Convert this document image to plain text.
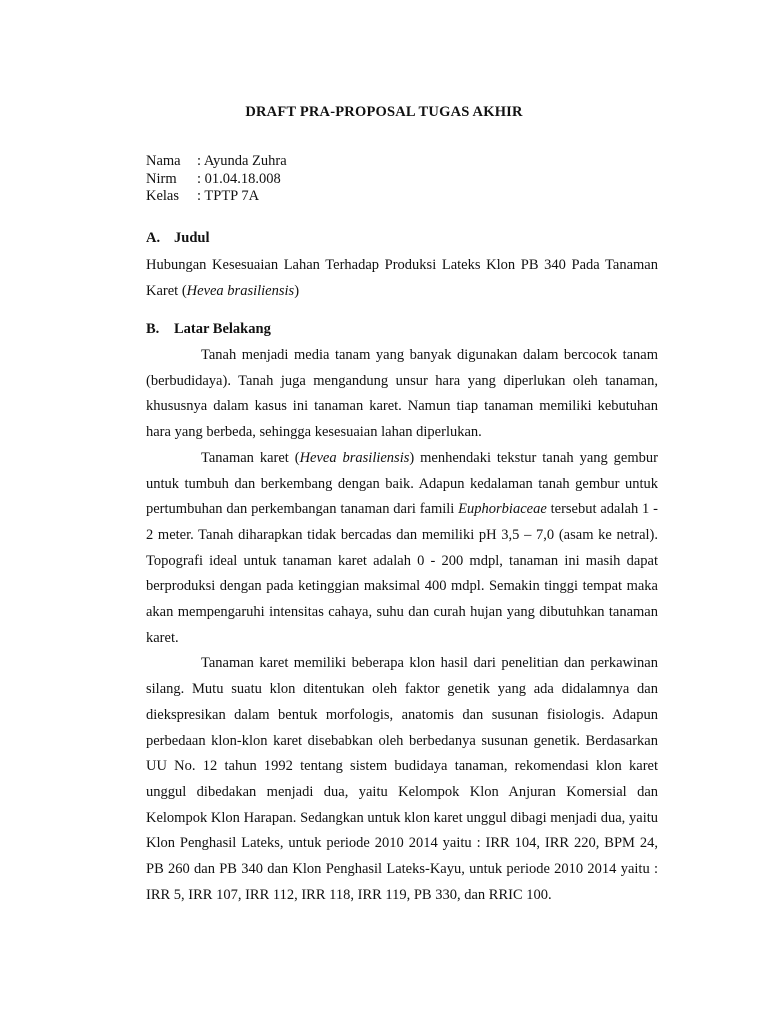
DRAFT PRA-PROPOSAL TUGAS AKHIR
Nama	: Ayunda Zuhra
Nirm	: 01.04.18.008
Kelas	: TPTP 7A
A. Judul
Hubungan Kesesuaian Lahan Terhadap Produksi Lateks Klon PB 340 Pada Tanaman Karet (Hevea brasiliensis)
B.	Latar Belakang

Tanah menjadi media tanam yang banyak digunakan dalam bercocok tanam (berbudidaya). Tanah juga mengandung unsur hara yang diperlukan oleh tanaman, khususnya dalam kasus ini tanaman karet. Namun tiap tanaman memiliki kebutuhan hara yang berbeda, sehingga kesesuaian lahan diperlukan.

Tanaman karet (Hevea brasiliensis) menhendaki tekstur tanah yang gembur untuk tumbuh dan berkembang dengan baik. Adapun kedalaman tanah gembur untuk pertumbuhan dan perkembangan tanaman dari famili Euphorbiaceae tersebut adalah 1 - 2 meter. Tanah diharapkan tidak bercadas dan memiliki pH 3,5 – 7,0 (asam ke netral). Topografi ideal untuk tanaman karet adalah 0 - 200 mdpl, tanaman ini masih dapat berproduksi dengan pada ketinggian maksimal 400 mdpl. Semakin tinggi tempat maka akan mempengaruhi intensitas cahaya, suhu dan curah hujan yang dibutuhkan tanaman karet.

Tanaman karet memiliki beberapa klon hasil dari penelitian dan perkawinan silang. Mutu suatu klon ditentukan oleh faktor genetik yang ada didalamnya dan diekspresikan dalam bentuk morfologis, anatomis dan susunan fisiologis. Adapun perbedaan klon-klon karet disebabkan oleh berbedanya susunan genetik. Berdasarkan UU No. 12 tahun 1992 tentang sistem budidaya tanaman, rekomendasi klon karet unggul dibedakan menjadi dua, yaitu Kelompok Klon Anjuran Komersial dan Kelompok Klon Harapan. Sedangkan untuk klon karet unggul dibagi menjadi dua, yaitu Klon Penghasil Lateks, untuk periode 2010 2014 yaitu : IRR 104, IRR 220, BPM 24, PB 260 dan PB 340 dan Klon Penghasil Lateks-Kayu, untuk periode 2010 2014 yaitu : IRR 5, IRR 107, IRR 112, IRR 118, IRR 119, PB 330, dan RRIC 100.
